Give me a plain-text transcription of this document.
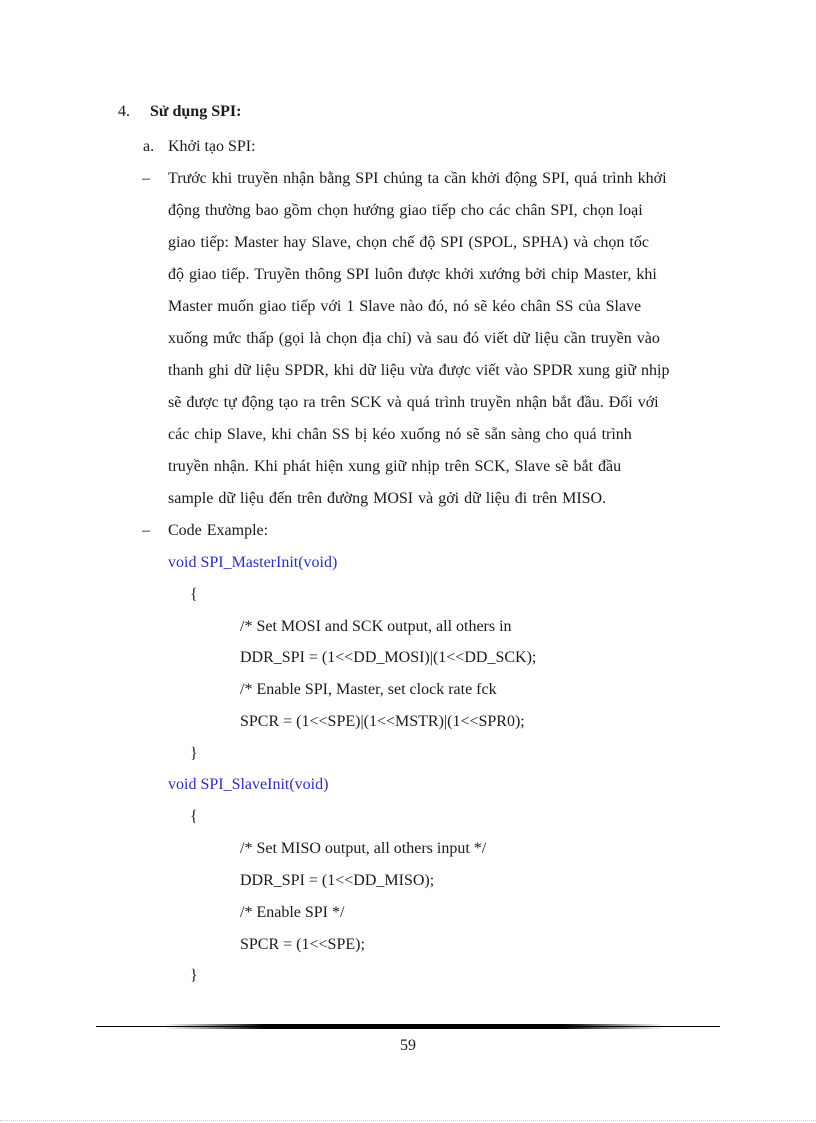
4. Sử dụng SPI:
a. Khởi tạo SPI:
– Trước khi truyền nhận bằng SPI chúng ta cần khởi động SPI, quá trình khởi
động thường bao gồm chọn hướng giao tiếp cho các chân SPI, chọn loại
giao tiếp: Master hay Slave, chọn chế độ SPI (SPOL, SPHA) và chọn tốc
độ giao tiếp. Truyền thông SPI luôn được khởi xướng bởi chip Master, khi
Master muốn giao tiếp với 1 Slave nào đó, nó sẽ kéo chân SS của Slave
xuống mức thấp (gọi là chọn địa chỉ) và sau đó viết dữ liệu cần truyền vào
thanh ghi dữ liệu SPDR, khi dữ liệu vừa được viết vào SPDR xung giữ nhịp
sẽ được tự động tạo ra trên SCK và quá trình truyền nhận bắt đầu. Đối với
các chip Slave, khi chân SS bị kéo xuống nó sẽ sẵn sàng cho quá trình
truyền nhận. Khi phát hiện xung giữ nhịp trên SCK, Slave sẽ bắt đầu
sample dữ liệu đến trên đường MOSI và gởi dữ liệu đi trên MISO.
– Code Example:
void SPI_MasterInit(void)
{
/* Set MOSI and SCK output, all others in
DDR_SPI = (1<<DD_MOSI)|(1<<DD_SCK);
/* Enable SPI, Master, set clock rate fck
SPCR = (1<<SPE)|(1<<MSTR)|(1<<SPR0);
}
void SPI_SlaveInit(void)
{
/* Set MISO output, all others input */
DDR_SPI = (1<<DD_MISO);
/* Enable SPI */
SPCR = (1<<SPE);
}
59
